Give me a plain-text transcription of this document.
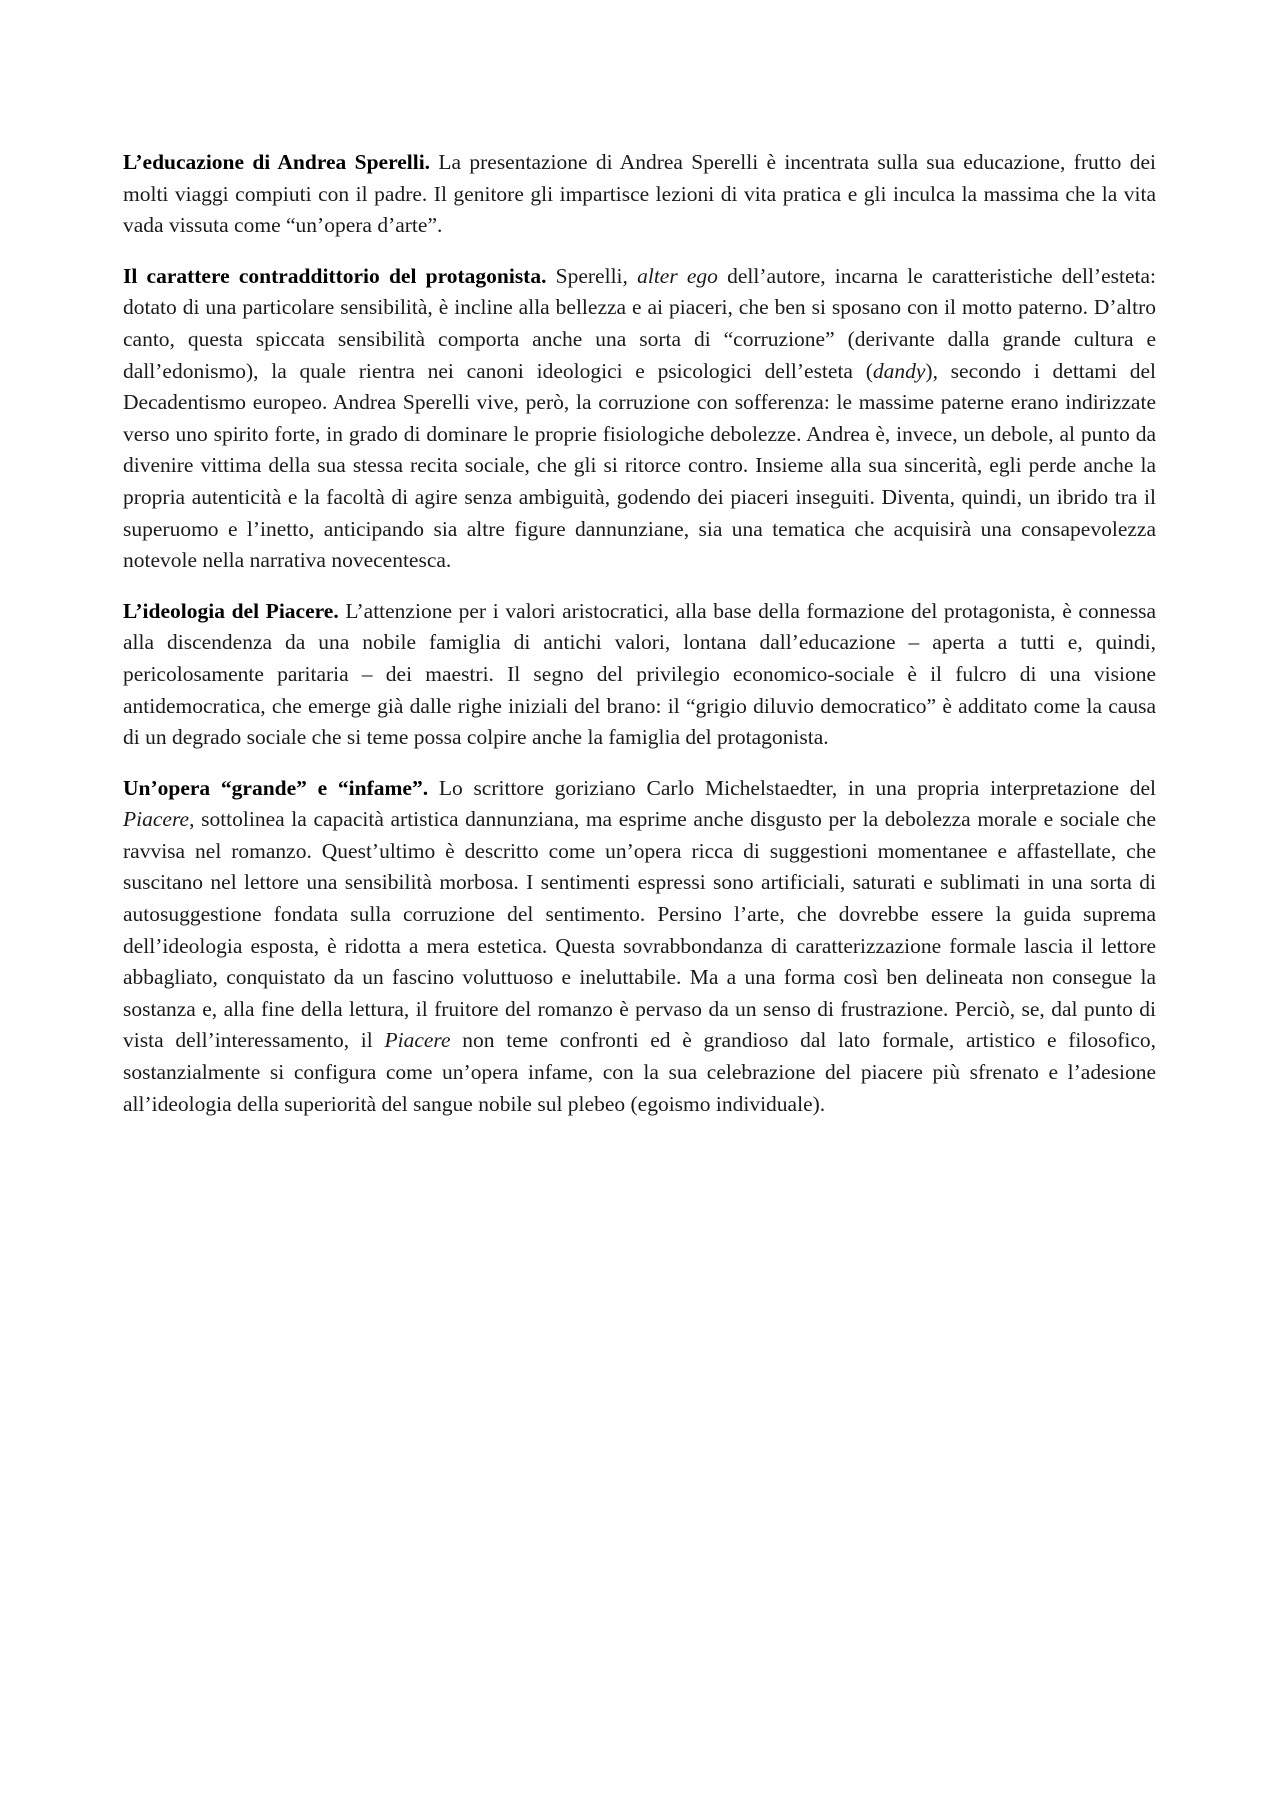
L’educazione di Andrea Sperelli. La presentazione di Andrea Sperelli è incentrata sulla sua educazione, frutto dei molti viaggi compiuti con il padre. Il genitore gli impartisce lezioni di vita pratica e gli inculca la massima che la vita vada vissuta come “un’opera d’arte”.

Il carattere contraddittorio del protagonista. Sperelli, alter ego dell’autore, incarna le caratteristiche dell’esteta: dotato di una particolare sensibilità, è incline alla bellezza e ai piaceri, che ben si sposano con il motto paterno. D’altro canto, questa spiccata sensibilità comporta anche una sorta di “corruzione” (derivante dalla grande cultura e dall’edonismo), la quale rientra nei canoni ideologici e psicologici dell’esteta (dandy), secondo i dettami del Decadentismo europeo. Andrea Sperelli vive, però, la corruzione con sofferenza: le massime paterne erano indirizzate verso uno spirito forte, in grado di dominare le proprie fisiologiche debolezze. Andrea è, invece, un debole, al punto da divenire vittima della sua stessa recita sociale, che gli si ritorce contro. Insieme alla sua sincerità, egli perde anche la propria autenticità e la facoltà di agire senza ambiguità, godendo dei piaceri inseguiti. Diventa, quindi, un ibrido tra il superuomo e l’inetto, anticipando sia altre figure dannunziane, sia una tematica che acquisirà una consapevolezza notevole nella narrativa novecentesca.

L’ideologia del Piacere. L’attenzione per i valori aristocratici, alla base della formazione del protagonista, è connessa alla discendenza da una nobile famiglia di antichi valori, lontana dall’educazione – aperta a tutti e, quindi, pericolosamente paritaria – dei maestri. Il segno del privilegio economico-sociale è il fulcro di una visione antidemocratica, che emerge già dalle righe iniziali del brano: il “grigio diluvio democratico” è additato come la causa di un degrado sociale che si teme possa colpire anche la famiglia del protagonista.

Un’opera “grande” e “infame”. Lo scrittore goriziano Carlo Michelstaedter, in una propria interpretazione del Piacere, sottolinea la capacità artistica dannunziana, ma esprime anche disgusto per la debolezza morale e sociale che ravvisa nel romanzo. Quest’ultimo è descritto come un’opera ricca di suggestioni momentanee e affastellate, che suscitano nel lettore una sensibilità morbosa. I sentimenti espressi sono artificiali, saturati e sublimati in una sorta di autosuggestione fondata sulla corruzione del sentimento. Persino l’arte, che dovrebbe essere la guida suprema dell’ideologia esposta, è ridotta a mera estetica. Questa sovrabbondanza di caratterizzazione formale lascia il lettore abbagliato, conquistato da un fascino voluttuoso e ineluttabile. Ma a una forma così ben delineata non consegue la sostanza e, alla fine della lettura, il fruitore del romanzo è pervaso da un senso di frustrazione. Perciò, se, dal punto di vista dell’interessamento, il Piacere non teme confronti ed è grandioso dal lato formale, artistico e filosofico, sostanzialmente si configura come un’opera infame, con la sua celebrazione del piacere più sfrenato e l’adesione all’ideologia della superiorità del sangue nobile sul plebeo (egoismo individuale).
